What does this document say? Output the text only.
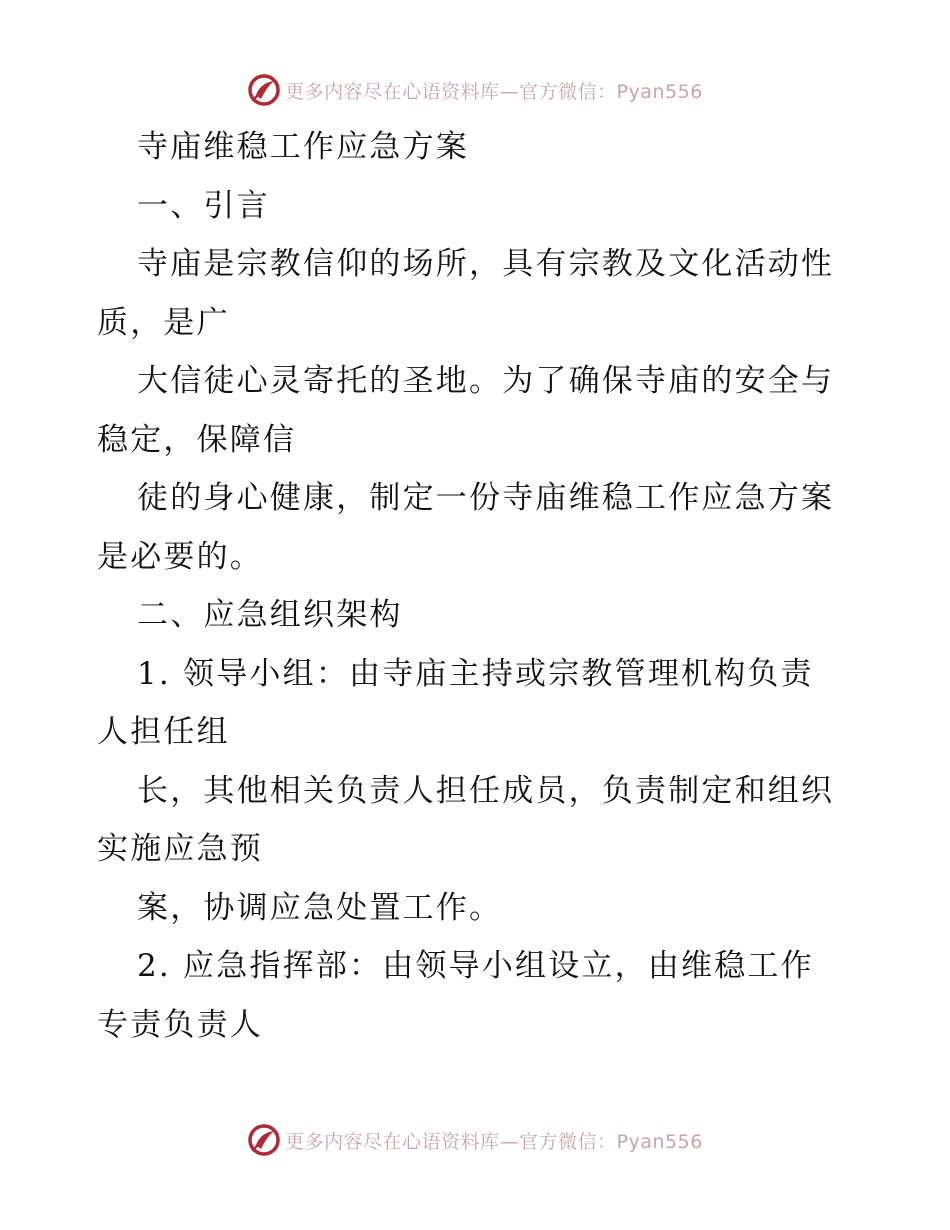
更多内容尽在心语资料库—官方微信：Pyan556

寺庙维稳工作应急方案

一、引言

寺庙是宗教信仰的场所，具有宗教及文化活动性

质，是广

大信徒心灵寄托的圣地。为了确保寺庙的安全与

稳定，保障信

徒的身心健康，制定一份寺庙维稳工作应急方案

是必要的。

二、应急组织架构

1. 领导小组：由寺庙主持或宗教管理机构负责

人担任组

长，其他相关负责人担任成员，负责制定和组织

实施应急预

案，协调应急处置工作。

2. 应急指挥部：由领导小组设立，由维稳工作

专责负责人

更多内容尽在心语资料库—官方微信：Pyan556
